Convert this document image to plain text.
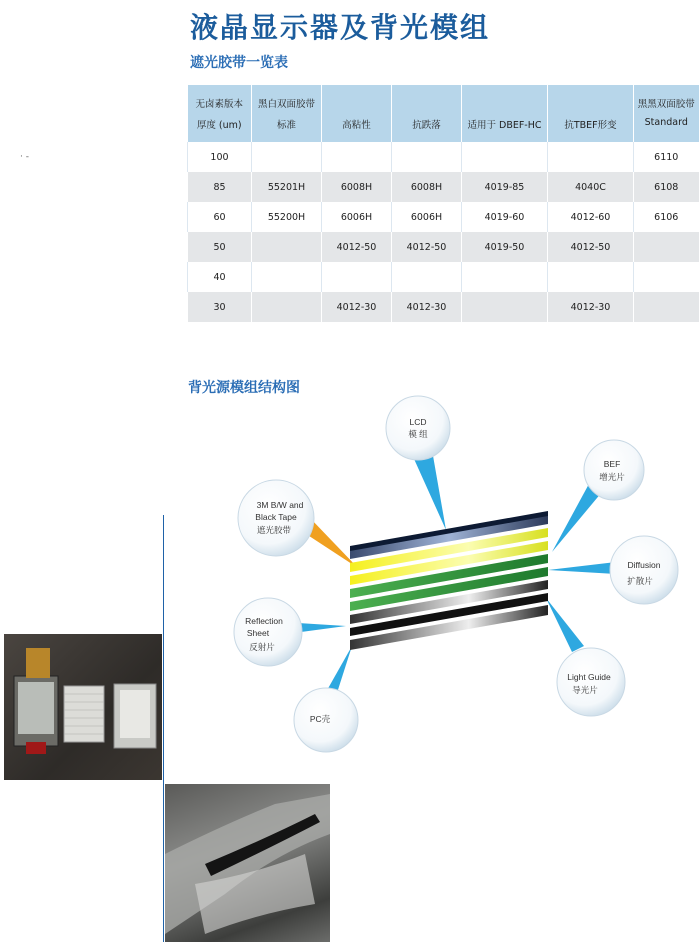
液晶显示器及背光模组
遮光胶带一览表
· -
无卤素版本	黑白双面胶带					黑黑双面胶带
厚度 (um)	标准	高粘性	抗跌落	适用于 DBEF-HC	抗TBEF形变	Standard
100						6110
85	55201H	6008H	6008H	4019-85	4040C	6108
60	55200H	6006H	6006H	4019-60	4012-60	6106
50		4012-50	4012-50	4019-50	4012-50	
40						
30		4012-30	4012-30		4012-30	
背光源模组结构图
LCD
模 组
BEF
增光片
Diffusion
扩散片
Light Guide
导光片
PC壳
Reflection
Sheet
反射片
3M B/W and
Black Tape
遮光胶带
